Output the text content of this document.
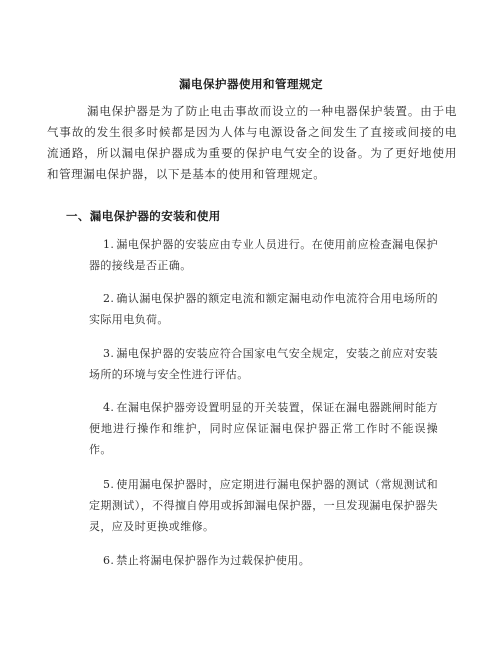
漏电保护器使用和管理规定
漏电保护器是为了防止电击事故而设立的一种电器保护装置。由于电气事故的发生很多时候都是因为人体与电源设备之间发生了直接或间接的电流通路，所以漏电保护器成为重要的保护电气安全的设备。为了更好地使用和管理漏电保护器，以下是基本的使用和管理规定。
一、漏电保护器的安装和使用
1. 漏电保护器的安装应由专业人员进行。在使用前应检查漏电保护器的接线是否正确。
2. 确认漏电保护器的额定电流和额定漏电动作电流符合用电场所的实际用电负荷。
3. 漏电保护器的安装应符合国家电气安全规定，安装之前应对安装场所的环境与安全性进行评估。
4. 在漏电保护器旁设置明显的开关装置，保证在漏电器跳闸时能方便地进行操作和维护，同时应保证漏电保护器正常工作时不能误操作。
5. 使用漏电保护器时，应定期进行漏电保护器的测试（常规测试和定期测试），不得擅自停用或拆卸漏电保护器，一旦发现漏电保护器失灵，应及时更换或维修。
6. 禁止将漏电保护器作为过载保护使用。
